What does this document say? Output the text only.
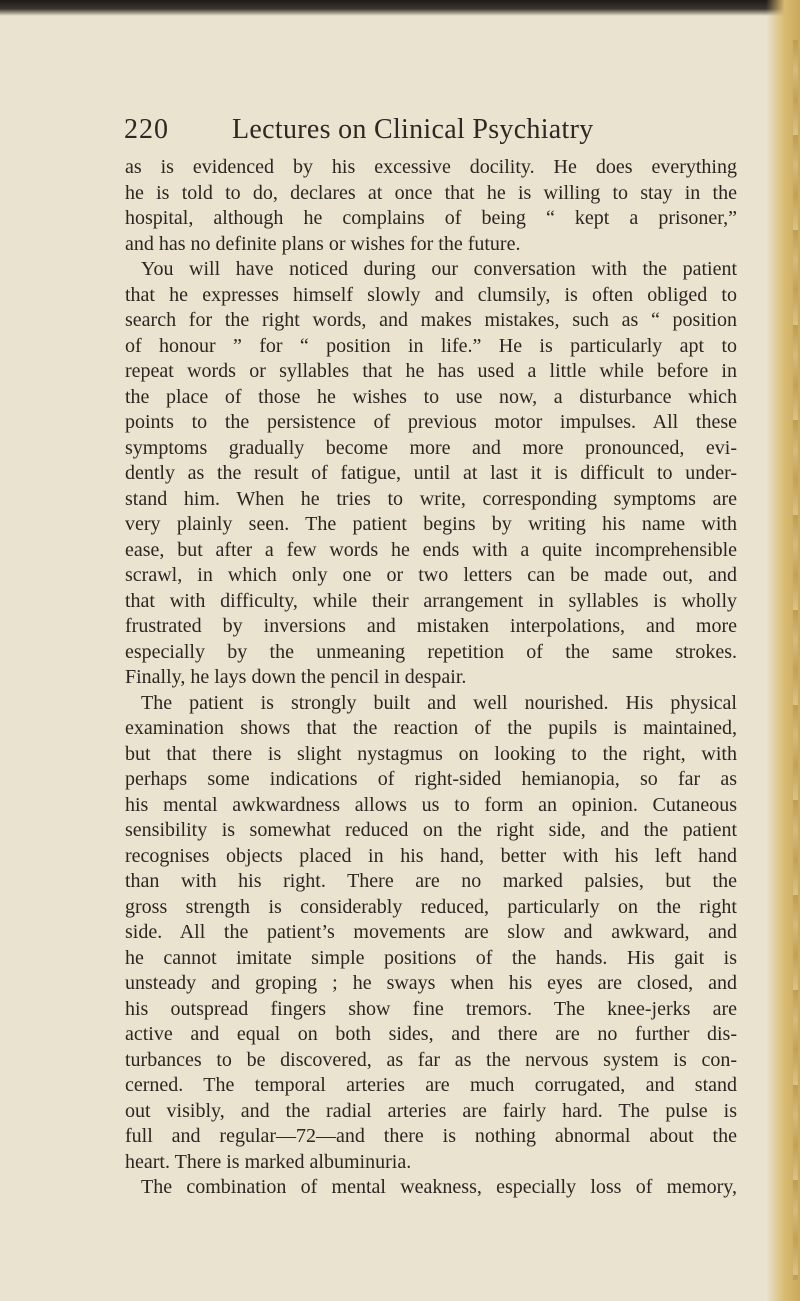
220	Lectures on Clinical Psychiatry
as is evidenced by his excessive docility. He does everything
he is told to do, declares at once that he is willing to stay in the
hospital, although he complains of being “ kept a prisoner,”
and has no definite plans or wishes for the future.
You will have noticed during our conversation with the patient
that he expresses himself slowly and clumsily, is often obliged to
search for the right words, and makes mistakes, such as “ position
of honour ” for “ position in life.” He is particularly apt to
repeat words or syllables that he has used a little while before in
the place of those he wishes to use now, a disturbance which
points to the persistence of previous motor impulses. All these
symptoms gradually become more and more pronounced, evi-
dently as the result of fatigue, until at last it is difficult to under-
stand him. When he tries to write, corresponding symptoms are
very plainly seen. The patient begins by writing his name with
ease, but after a few words he ends with a quite incomprehensible
scrawl, in which only one or two letters can be made out, and
that with difficulty, while their arrangement in syllables is wholly
frustrated by inversions and mistaken interpolations, and more
especially by the unmeaning repetition of the same strokes.
Finally, he lays down the pencil in despair.
The patient is strongly built and well nourished. His physical
examination shows that the reaction of the pupils is maintained,
but that there is slight nystagmus on looking to the right, with
perhaps some indications of right-sided hemianopia, so far as
his mental awkwardness allows us to form an opinion. Cutaneous
sensibility is somewhat reduced on the right side, and the patient
recognises objects placed in his hand, better with his left hand
than with his right. There are no marked palsies, but the
gross strength is considerably reduced, particularly on the right
side. All the patient’s movements are slow and awkward, and
he cannot imitate simple positions of the hands. His gait is
unsteady and groping ; he sways when his eyes are closed, and
his outspread fingers show fine tremors. The knee-jerks are
active and equal on both sides, and there are no further dis-
turbances to be discovered, as far as the nervous system is con-
cerned. The temporal arteries are much corrugated, and stand
out visibly, and the radial arteries are fairly hard. The pulse is
full and regular—72—and there is nothing abnormal about the
heart. There is marked albuminuria.
The combination of mental weakness, especially loss of memory,
